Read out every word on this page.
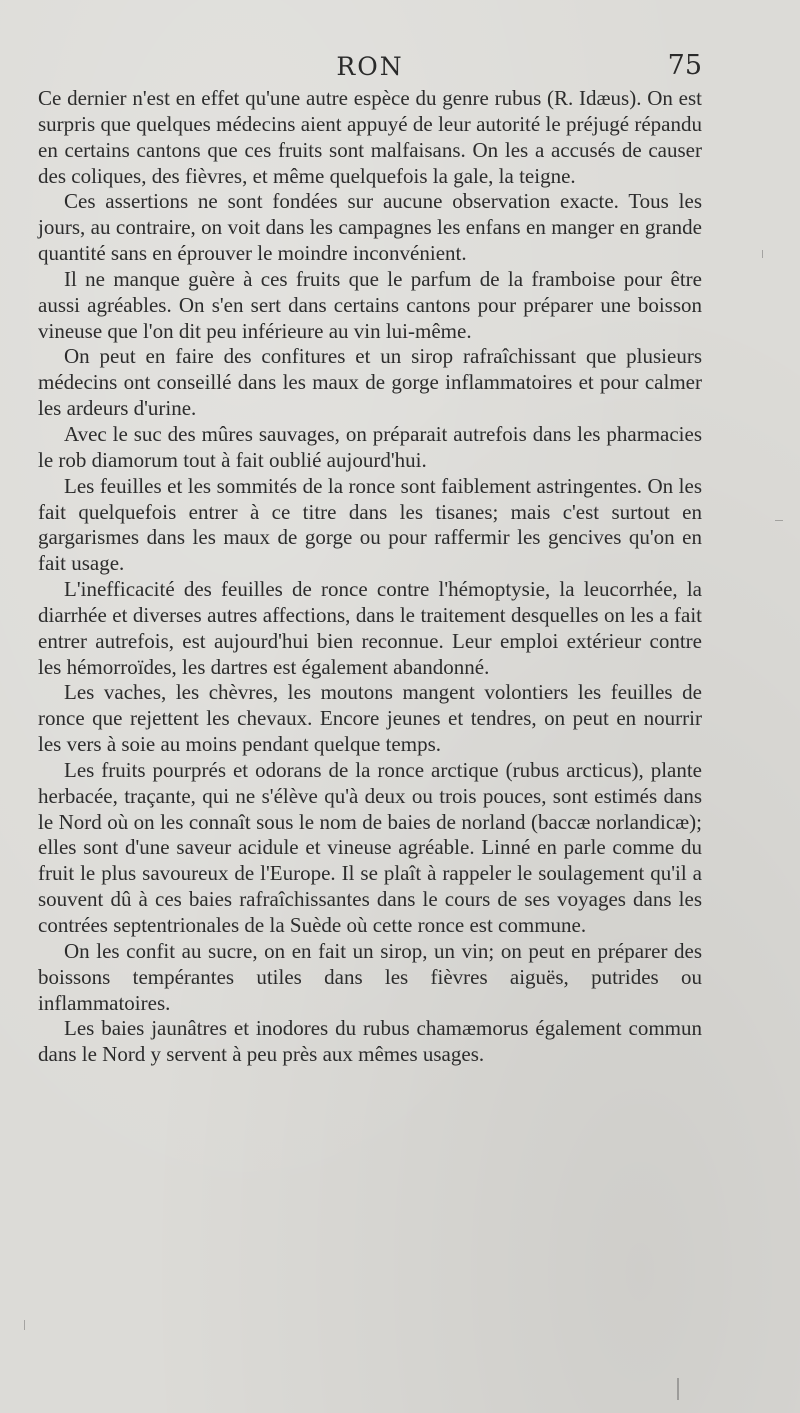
RON	75

Ce dernier n'est en effet qu'une autre espèce du genre rubus (R. Idæus). On est surpris que quelques médecins aient appuyé de leur autorité le préjugé répandu en certains cantons que ces fruits sont malfaisans. On les a accusés de causer des coliques, des fièvres, et même quelquefois la gale, la teigne.

Ces assertions ne sont fondées sur aucune observation exacte. Tous les jours, au contraire, on voit dans les campagnes les enfans en manger en grande quantité sans en éprouver le moindre inconvénient.

Il ne manque guère à ces fruits que le parfum de la framboise pour être aussi agréables. On s'en sert dans certains cantons pour préparer une boisson vineuse que l'on dit peu inférieure au vin lui-même.

On peut en faire des confitures et un sirop rafraîchissant que plusieurs médecins ont conseillé dans les maux de gorge inflammatoires et pour calmer les ardeurs d'urine.

Avec le suc des mûres sauvages, on préparait autrefois dans les pharmacies le rob diamorum tout à fait oublié aujourd'hui.

Les feuilles et les sommités de la ronce sont faiblement astringentes. On les fait quelquefois entrer à ce titre dans les tisanes; mais c'est surtout en gargarismes dans les maux de gorge ou pour raffermir les gencives qu'on en fait usage.

L'inefficacité des feuilles de ronce contre l'hémoptysie, la leucorrhée, la diarrhée et diverses autres affections, dans le traitement desquelles on les a fait entrer autrefois, est aujourd'hui bien reconnue. Leur emploi extérieur contre les hémorroïdes, les dartres est également abandonné.

Les vaches, les chèvres, les moutons mangent volontiers les feuilles de ronce que rejettent les chevaux. Encore jeunes et tendres, on peut en nourrir les vers à soie au moins pendant quelque temps.

Les fruits pourprés et odorans de la ronce arctique (rubus arcticus), plante herbacée, traçante, qui ne s'élève qu'à deux ou trois pouces, sont estimés dans le Nord où on les connaît sous le nom de baies de norland (baccæ norlandicæ); elles sont d'une saveur acidule et vineuse agréable. Linné en parle comme du fruit le plus savoureux de l'Europe. Il se plaît à rappeler le soulagement qu'il a souvent dû à ces baies rafraîchissantes dans le cours de ses voyages dans les contrées septentrionales de la Suède où cette ronce est commune.

On les confit au sucre, on en fait un sirop, un vin; on peut en préparer des boissons tempérantes utiles dans les fièvres aiguës, putrides ou inflammatoires.

Les baies jaunâtres et inodores du rubus chamæmorus également commun dans le Nord y servent à peu près aux mêmes usages.
